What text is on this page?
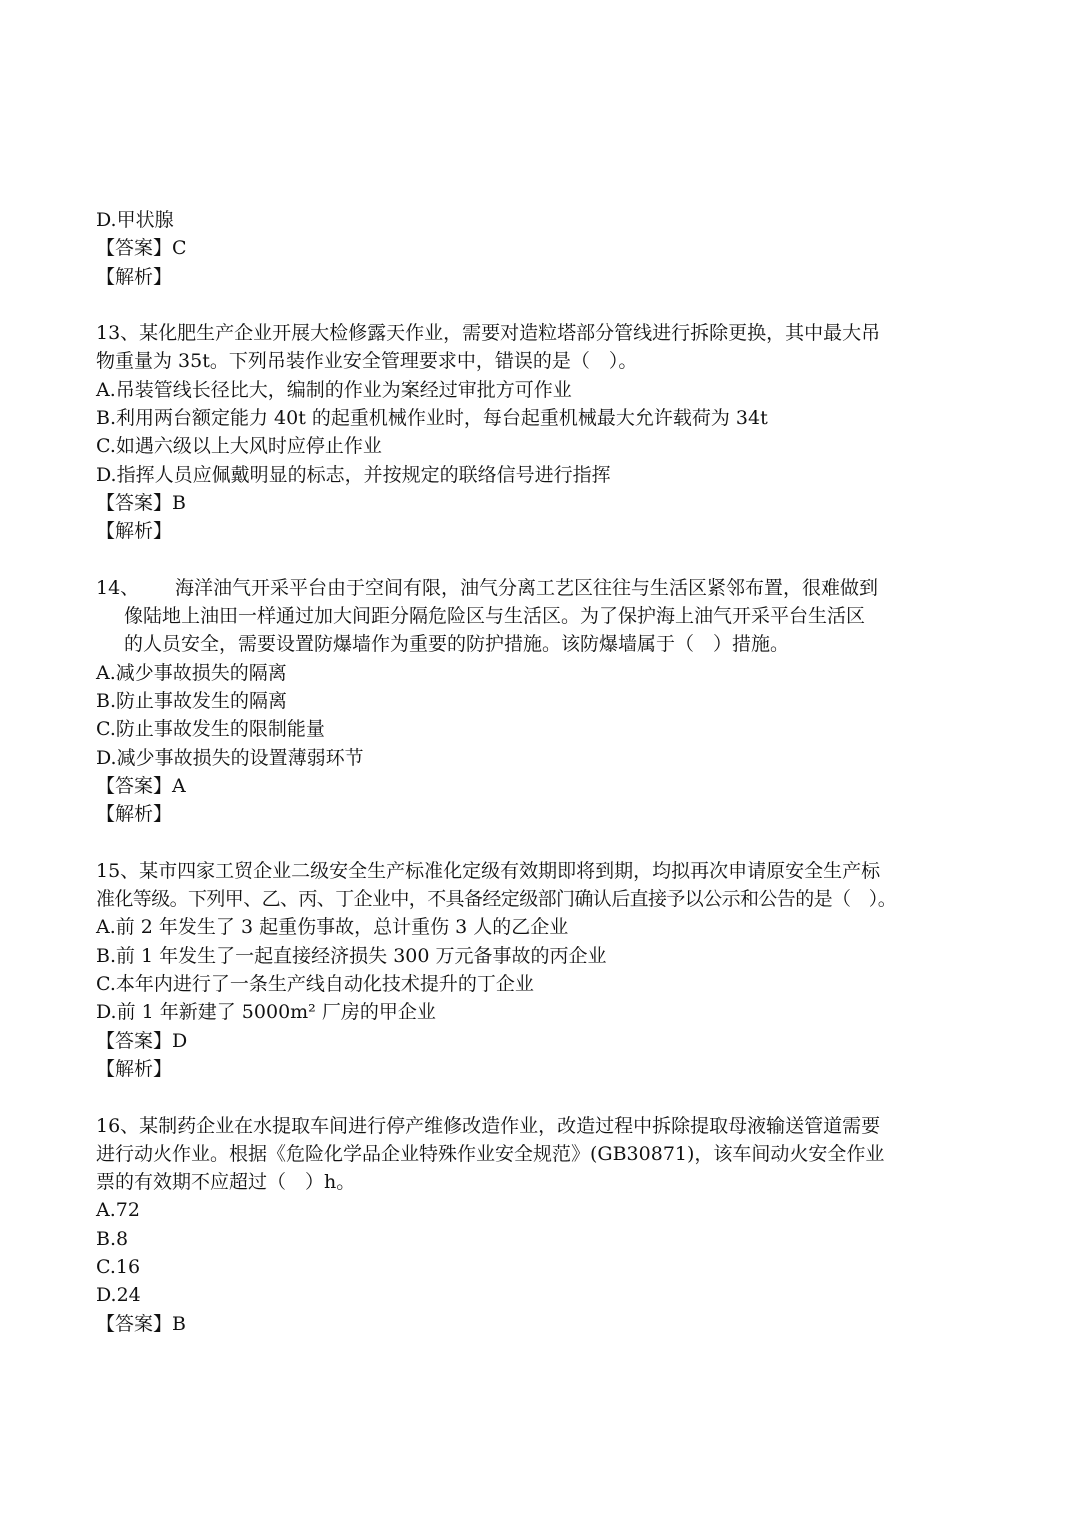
D.甲状腺
【答案】C
【解析】
13、某化肥生产企业开展大检修露天作业，需要对造粒塔部分管线进行拆除更换，其中最大吊
物重量为 35t。下列吊装作业安全管理要求中，错误的是（　）。
A.吊装管线长径比大，编制的作业为案经过审批方可作业
B.利用两台额定能力 40t 的起重机械作业时，每台起重机械最大允许载荷为 34t
C.如遇六级以上大风时应停止作业
D.指挥人员应佩戴明显的标志，并按规定的联络信号进行指挥
【答案】B
【解析】
14、 海洋油气开采平台由于空间有限，油气分离工艺区往往与生活区紧邻布置，很难做到
像陆地上油田一样通过加大间距分隔危险区与生活区。为了保护海上油气开采平台生活区
的人员安全，需要设置防爆墙作为重要的防护措施。该防爆墙属于（　）措施。
A.减少事故损失的隔离
B.防止事故发生的隔离
C.防止事故发生的限制能量
D.减少事故损失的设置薄弱环节
【答案】A
【解析】
15、某市四家工贸企业二级安全生产标准化定级有效期即将到期，均拟再次申请原安全生产标
准化等级。下列甲、乙、丙、丁企业中，不具备经定级部门确认后直接予以公示和公告的是（　）。
A.前 2 年发生了 3 起重伤事故，总计重伤 3 人的乙企业
B.前 1 年发生了一起直接经济损失 300 万元备事故的丙企业
C.本年内进行了一条生产线自动化技术提升的丁企业
D.前 1 年新建了 5000m² 厂房的甲企业
【答案】D
【解析】
16、某制药企业在水提取车间进行停产维修改造作业，改造过程中拆除提取母液输送管道需要
进行动火作业。根据《危险化学品企业特殊作业安全规范》(GB30871)，该车间动火安全作业
票的有效期不应超过（　）h。
A.72
B.8
C.16
D.24
【答案】B
